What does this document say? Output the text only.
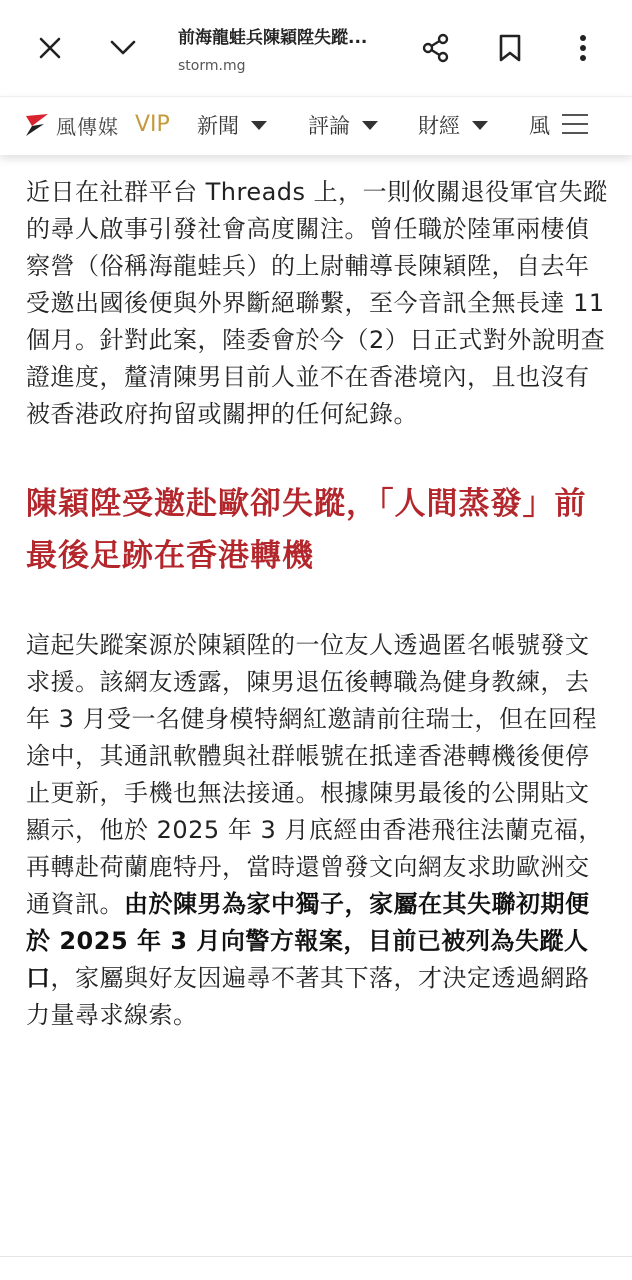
前海龍蛙兵陳穎陞失蹤...
storm.mg
風傳媒 VIP 新聞	評論	財經	風

近日在社群平台 Threads 上，一則攸關退役軍官失蹤的尋人啟事引發社會高度關注。曾任職於陸軍兩棲偵察營（俗稱海龍蛙兵）的上尉輔導長陳穎陞，自去年受邀出國後便與外界斷絕聯繫，至今音訊全無長達 11 個月。針對此案，陸委會於今（2）日正式對外說明查證進度，釐清陳男目前人並不在香港境內，且也沒有被香港政府拘留或關押的任何紀錄。

陳穎陞受邀赴歐卻失蹤，「人間蒸發」前最後足跡在香港轉機

這起失蹤案源於陳穎陞的一位友人透過匿名帳號發文求援。該網友透露，陳男退伍後轉職為健身教練，去年 3 月受一名健身模特網紅邀請前往瑞士，但在回程途中，其通訊軟體與社群帳號在抵達香港轉機後便停止更新，手機也無法接通。根據陳男最後的公開貼文顯示，他於 2025 年 3 月底經由香港飛往法蘭克福，再轉赴荷蘭鹿特丹，當時還曾發文向網友求助歐洲交通資訊。由於陳男為家中獨子，家屬在其失聯初期便於 2025 年 3 月向警方報案，目前已被列為失蹤人口，家屬與好友因遍尋不著其下落，才決定透過網路力量尋求線索。
